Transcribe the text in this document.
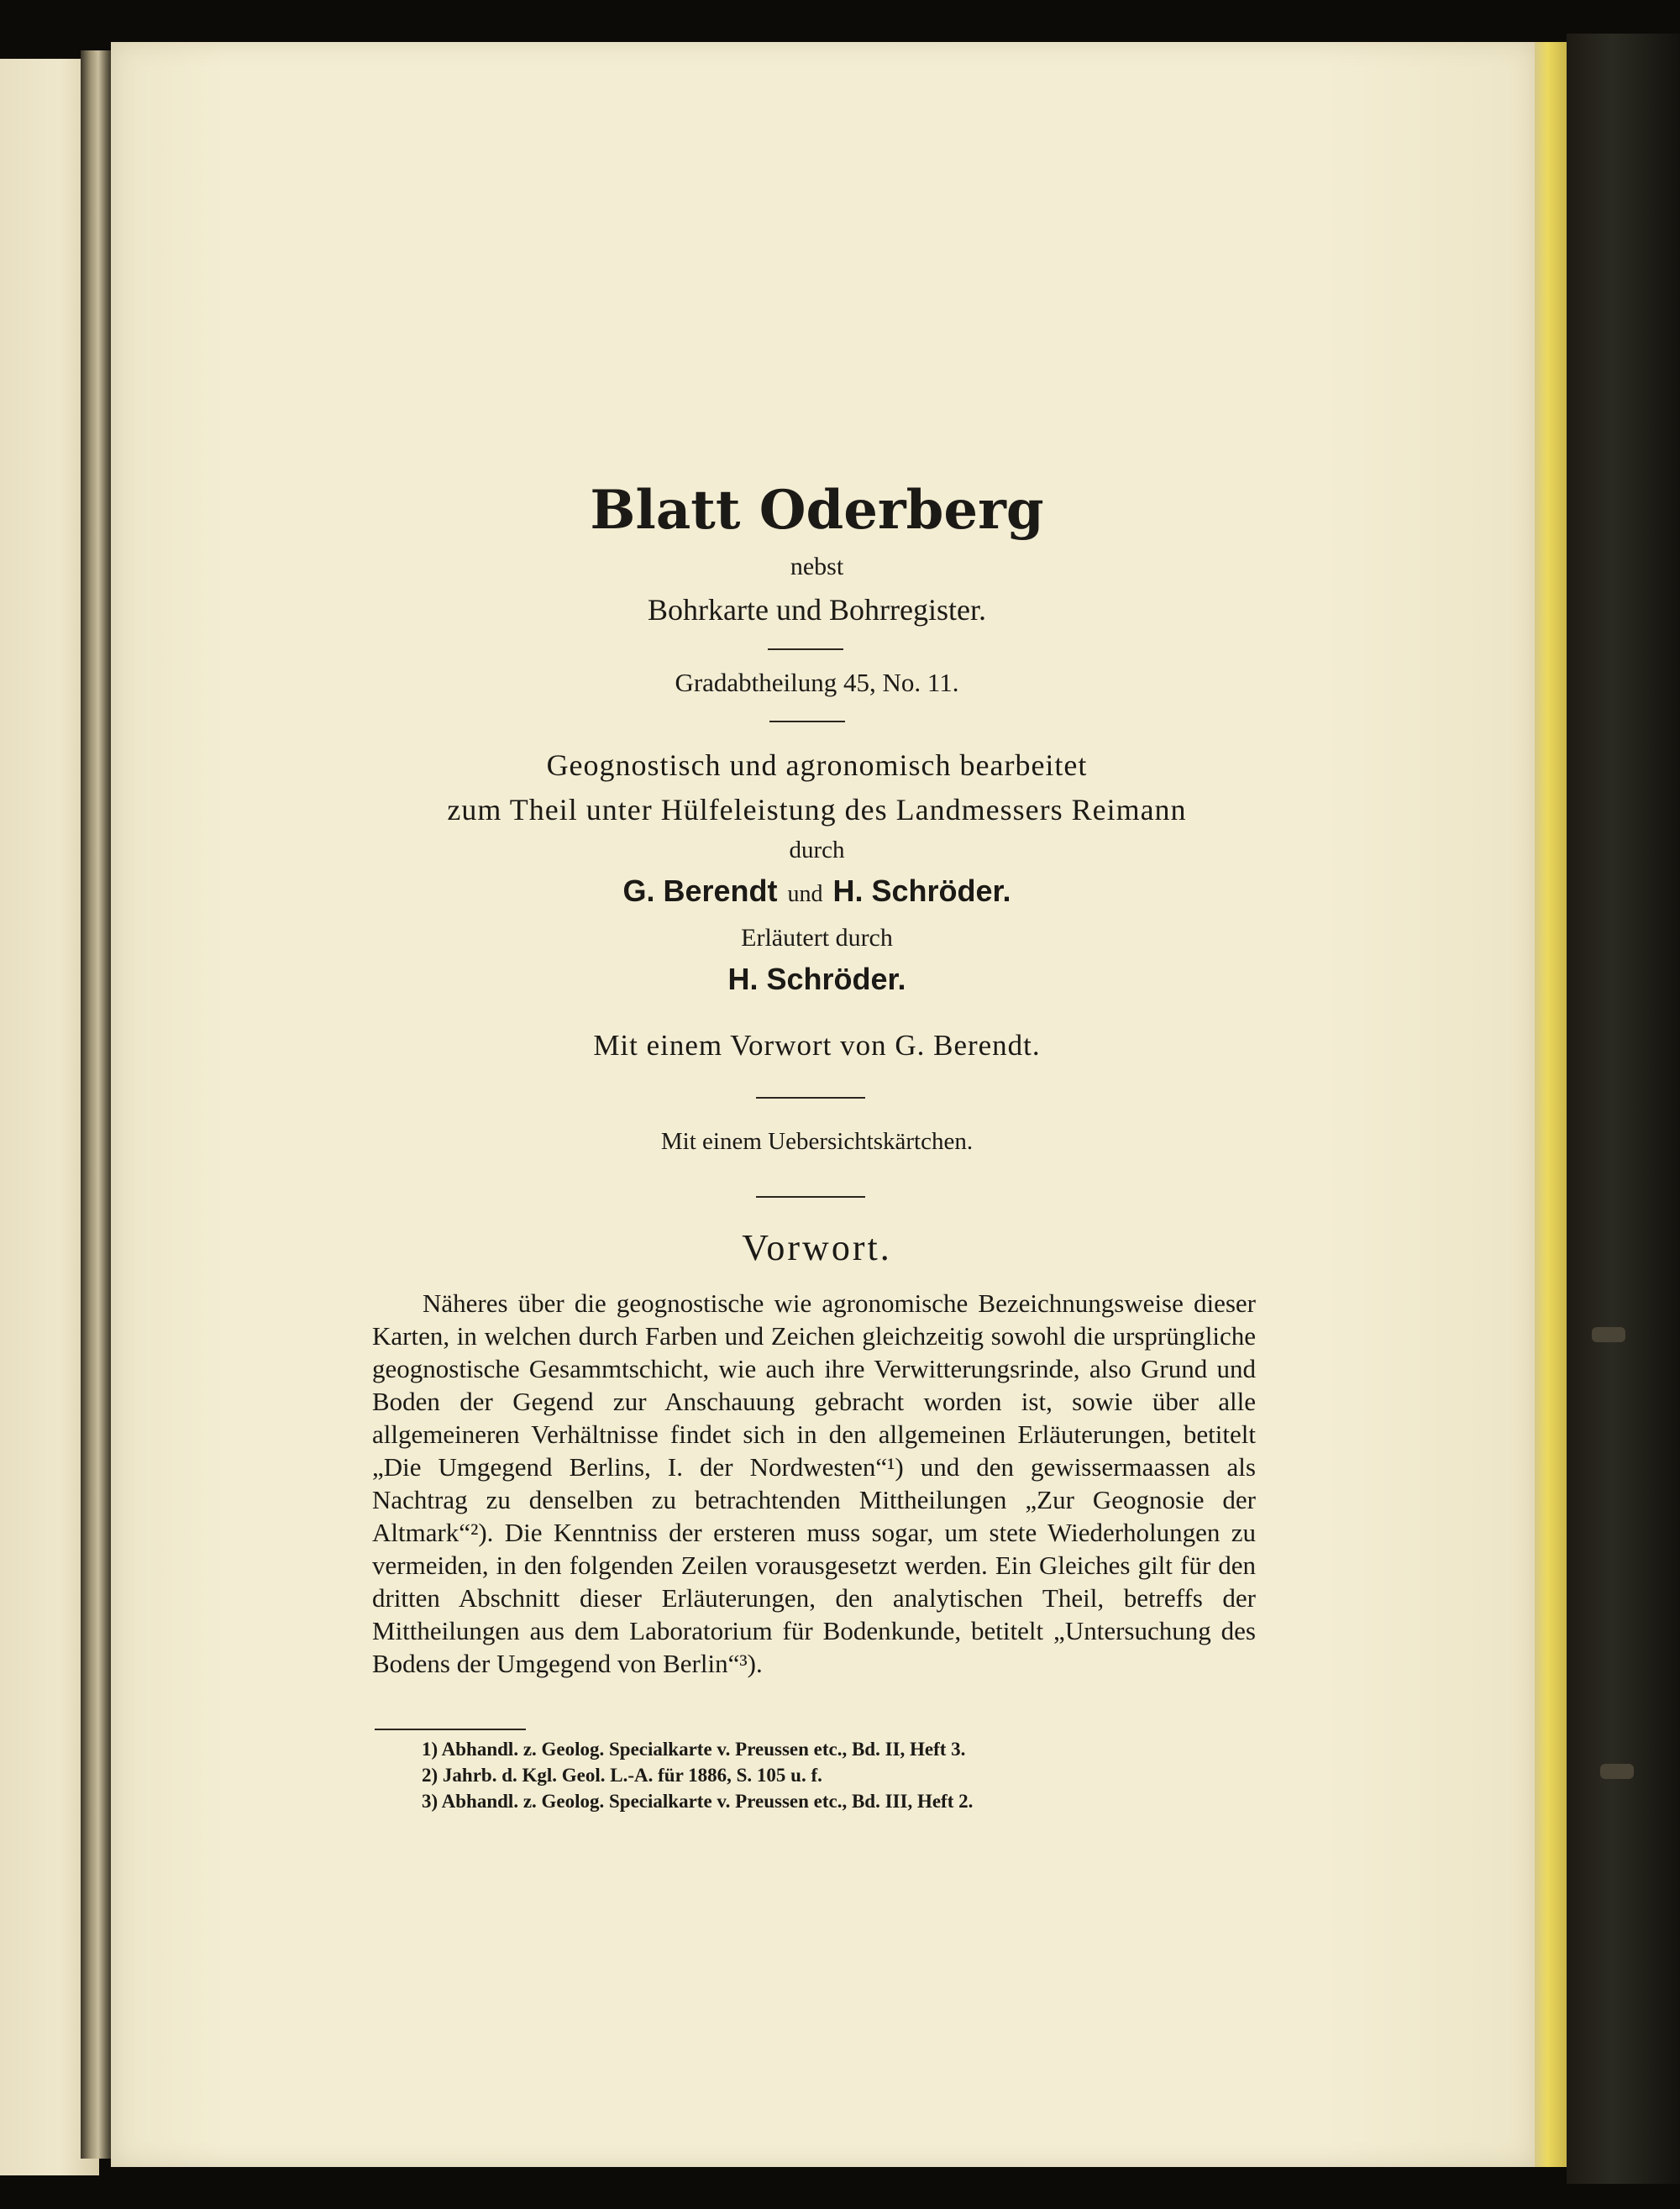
Blatt Oderberg
nebst
Bohrkarte und Bohrregister.
Gradabtheilung 45, No. 11.
Geognostisch und agronomisch bearbeitet
zum Theil unter Hülfeleistung des Landmessers Reimann
durch
G. Berendt und H. Schröder.
Erläutert durch
H. Schröder.
Mit einem Vorwort von G. Berendt.
Mit einem Uebersichtskärtchen.
Vorwort.

Näheres über die geognostische wie agronomische Bezeichnungsweise dieser Karten, in welchen durch Farben und Zeichen gleichzeitig sowohl die ursprüngliche geognostische Gesammtschicht, wie auch ihre Verwitterungsrinde, also Grund und Boden der Gegend zur Anschauung gebracht worden ist, sowie über alle allgemeineren Verhältnisse findet sich in den allgemeinen Erläuterungen, betitelt „Die Umgegend Berlins, I. der Nordwesten“¹) und den gewissermaassen als Nachtrag zu denselben zu betrachtenden Mittheilungen „Zur Geognosie der Altmark“²). Die Kenntniss der ersteren muss sogar, um stete Wiederholungen zu vermeiden, in den folgenden Zeilen vorausgesetzt werden. Ein Gleiches gilt für den dritten Abschnitt dieser Erläuterungen, den analytischen Theil, betreffs der Mittheilungen aus dem Laboratorium für Bodenkunde, betitelt „Untersuchung des Bodens der Umgegend von Berlin“³).

1) Abhandl. z. Geolog. Specialkarte v. Preussen etc., Bd. II, Heft 3.
2) Jahrb. d. Kgl. Geol. L.-A. für 1886, S. 105 u. f.
3) Abhandl. z. Geolog. Specialkarte v. Preussen etc., Bd. III, Heft 2.
